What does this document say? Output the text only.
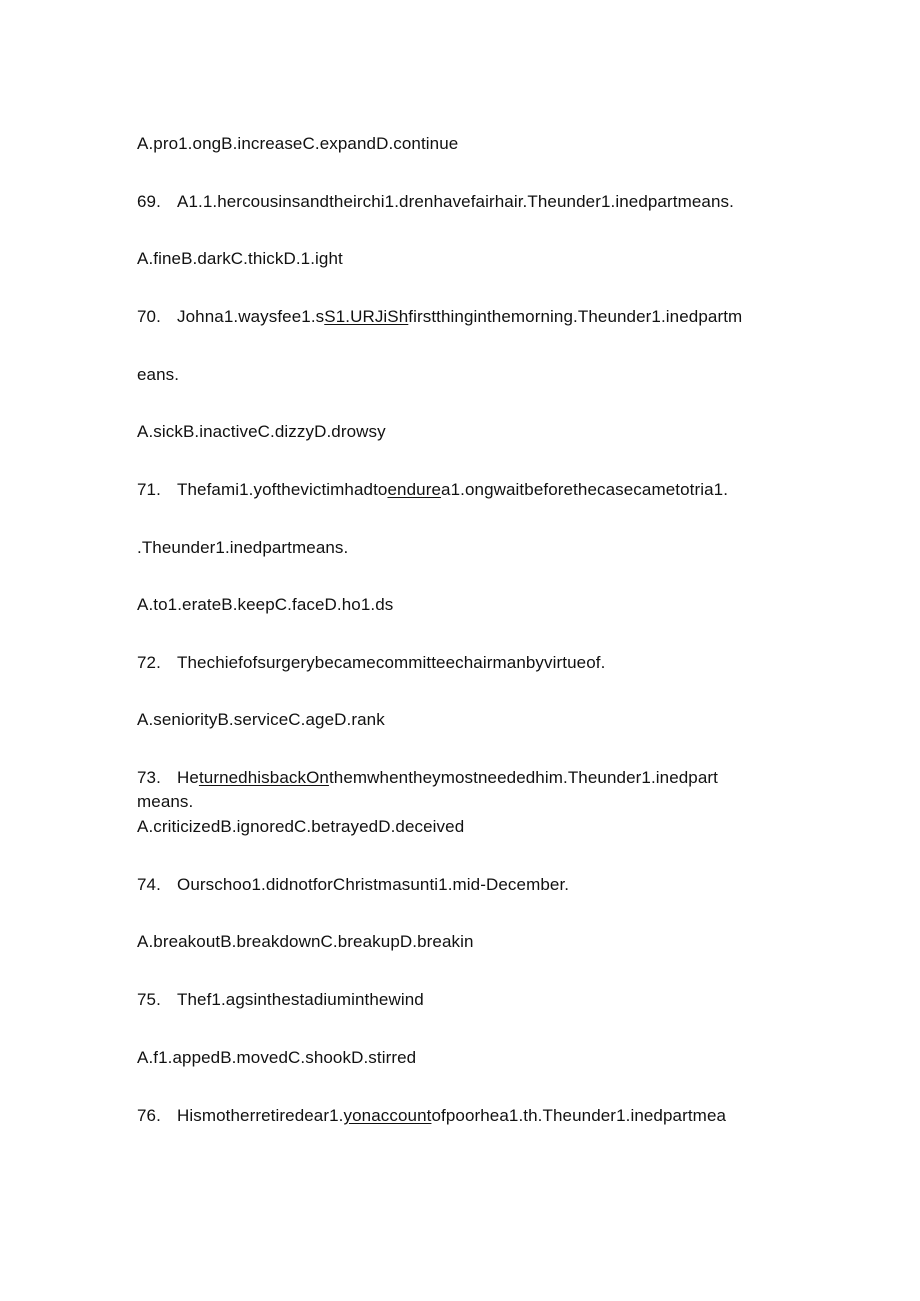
A.pro1.ongB.increaseC.expandD.continue
69. A1.1.hercousinsandtheirchi1.drenhavefairhair.Theunder1.inedpartmeans.
A.fineB.darkC.thickD.1.ight
70. Johna1.waysfee1.sS1.URJiShfirstthinginthemorning.Theunder1.inedpartm
eans.
A.sickB.inactiveC.dizzyD.drowsy
71. Thefami1.yofthevictimhadtoendurea1.ongwaitbeforethecasecametotria1.
.Theunder1.inedpartmeans.
A.to1.erateB.keepC.faceD.ho1.ds
72. Thechiefofsurgerybecamecommitteechairmanbyvirtueof.
A.seniorityB.serviceC.ageD.rank
73. HeturnedhisbackOnthemwhentheymostneededhim.Theunder1.inedpart
means.
A.criticizedB.ignoredC.betrayedD.deceived
74. Ourschoo1.didnotforChristmasunti1.mid-December.
A.breakoutB.breakdownC.breakupD.breakin
75. Thef1.agsinthestadiuminthewind
A.f1.appedB.movedC.shookD.stirred
76. Hismotherretiredear1.yonaccountofpoorhea1.th.Theunder1.inedpartmea
